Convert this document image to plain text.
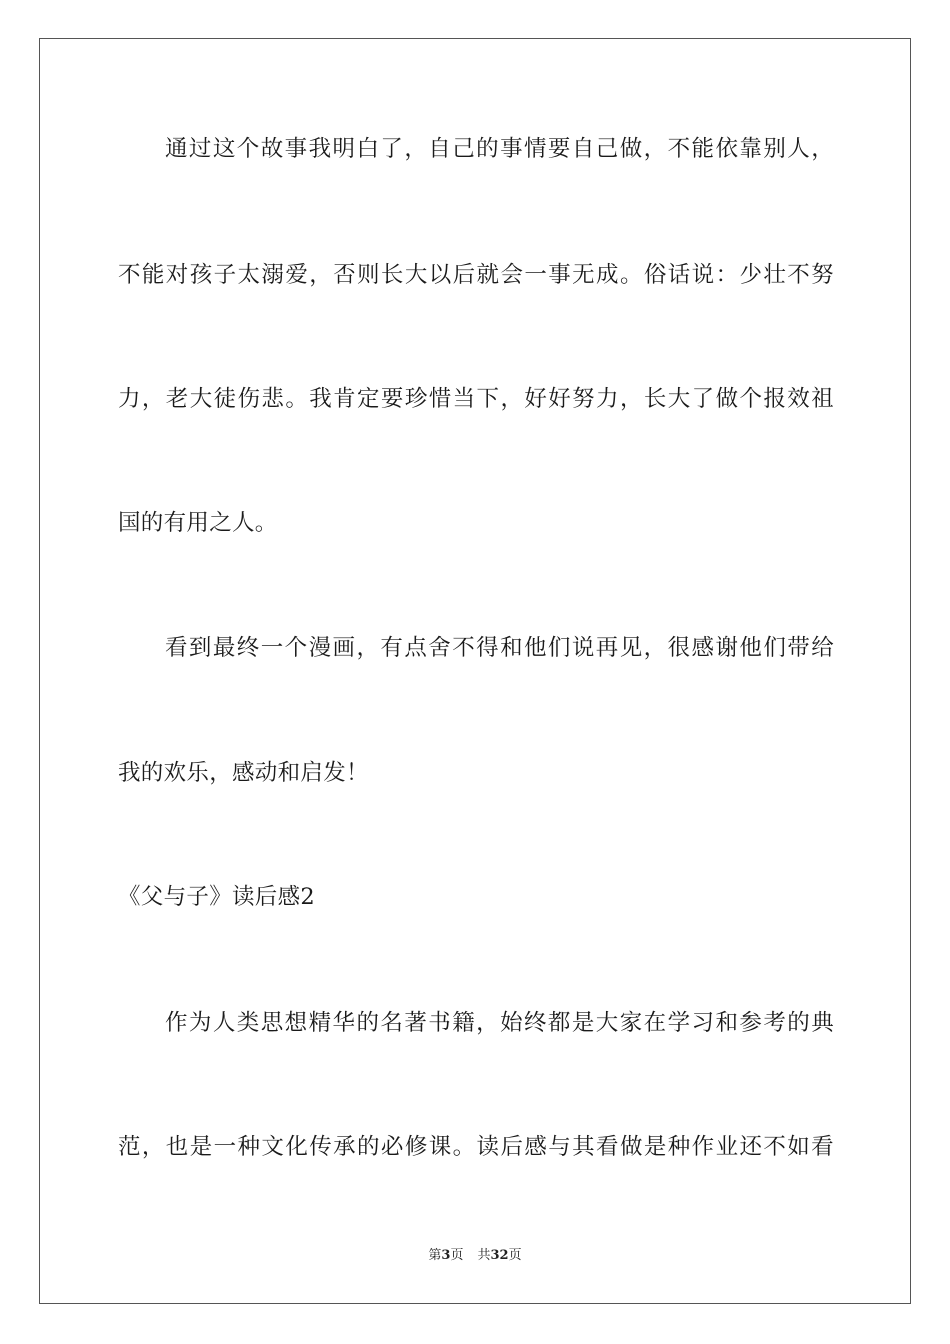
通过这个故事我明白了，自己的事情要自己做，不能依靠别人，
不能对孩子太溺爱，否则长大以后就会一事无成。俗话说：少壮不努
力，老大徒伤悲。我肯定要珍惜当下，好好努力，长大了做个报效祖
国的有用之人。
看到最终一个漫画，有点舍不得和他们说再见，很感谢他们带给
我的欢乐，感动和启发！
《父与子》读后感2
作为人类思想精华的名著书籍，始终都是大家在学习和参考的典
范，也是一种文化传承的必修课。读后感与其看做是种作业还不如看
第3页 共32页
